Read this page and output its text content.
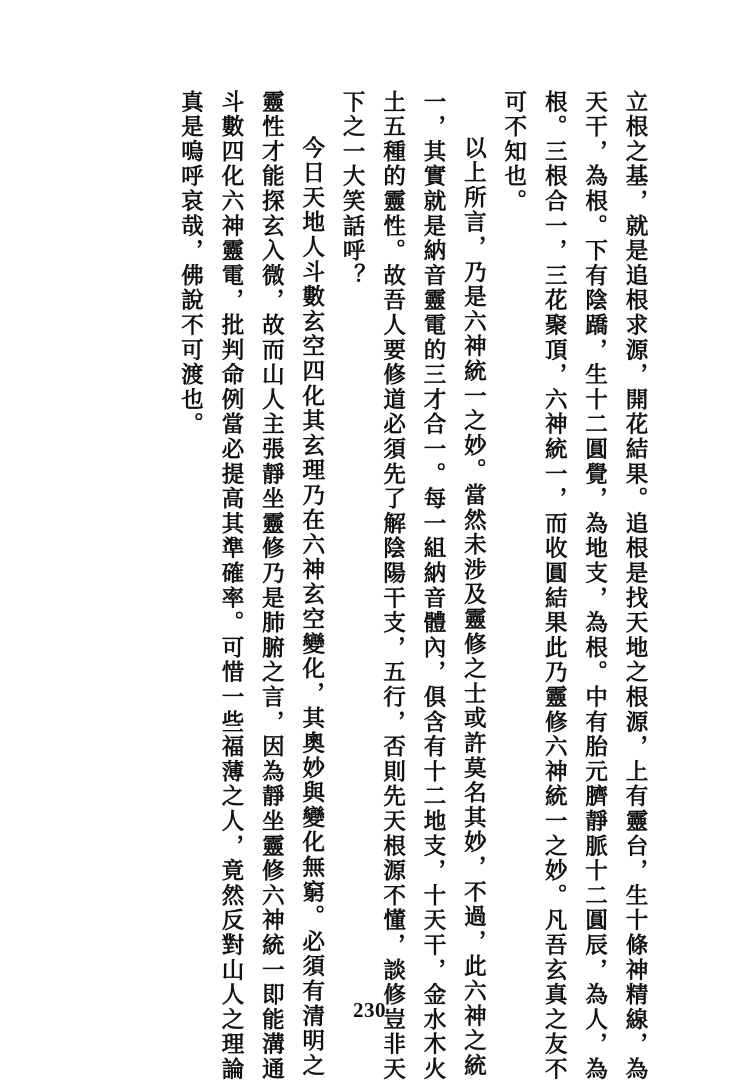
立根之基，就是追根求源，開花結果。追根是找天地之根源，上有靈台，生十條神精線，為
天干，為根。下有陰蹻，生十二圓覺，為地支，為根。中有胎元臍靜脈十二圓辰，為人，為
根。三根合一，三花聚頂，六神統一，而收圓結果此乃靈修六神統一之妙。凡吾玄真之友不
可不知也。
以上所言，乃是六神統一之妙。當然未涉及靈修之士或許莫名其妙，不過，此六神之統
一，其實就是納音靈電的三才合一。每一組納音體內，俱含有十二地支，十天干，金水木火
土五種的靈性。故吾人要修道必須先了解陰陽干支，五行，否則先天根源不懂，談修豈非天
下之一大笑話呼？
今日天地人斗數玄空四化其玄理乃在六神玄空變化，其奧妙與變化無窮。必須有清明之
靈性才能探玄入微，故而山人主張靜坐靈修乃是肺腑之言，因為靜坐靈修六神統一即能溝通
斗數四化六神靈電，批判命例當必提高其準確率。可惜一些福薄之人，竟然反對山人之理論
真是嗚呼哀哉，佛說不可渡也。
230
